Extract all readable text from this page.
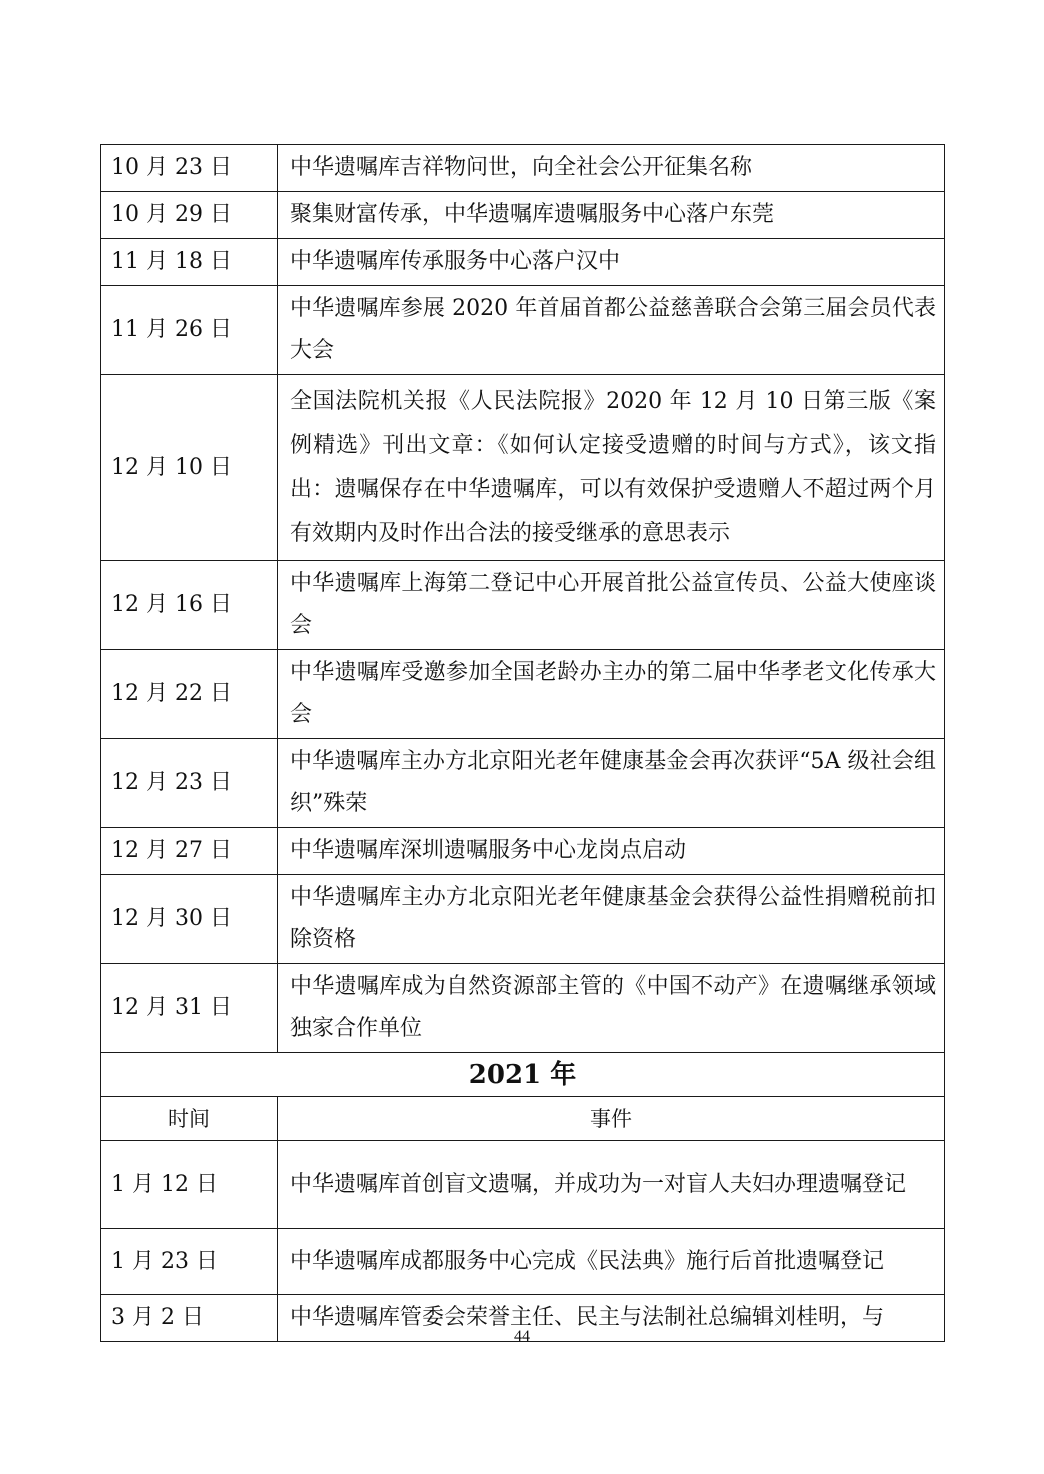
10 月 23 日	中华遗嘱库吉祥物问世，向全社会公开征集名称
10 月 29 日	聚集财富传承，中华遗嘱库遗嘱服务中心落户东莞
11 月 18 日	中华遗嘱库传承服务中心落户汉中
11 月 26 日	中华遗嘱库参展 2020 年首届首都公益慈善联合会第三届会员代表大会
12 月 10 日	全国法院机关报《人民法院报》2020 年 12 月 10 日第三版《案例精选》刊出文章：《如何认定接受遗赠的时间与方式》，该文指出：遗嘱保存在中华遗嘱库，可以有效保护受遗赠人不超过两个月有效期内及时作出合法的接受继承的意思表示
12 月 16 日	中华遗嘱库上海第二登记中心开展首批公益宣传员、公益大使座谈会
12 月 22 日	中华遗嘱库受邀参加全国老龄办主办的第二届中华孝老文化传承大会
12 月 23 日	中华遗嘱库主办方北京阳光老年健康基金会再次获评“5A 级社会组织”殊荣
12 月 27 日	中华遗嘱库深圳遗嘱服务中心龙岗点启动
12 月 30 日	中华遗嘱库主办方北京阳光老年健康基金会获得公益性捐赠税前扣除资格
12 月 31 日	中华遗嘱库成为自然资源部主管的《中国不动产》在遗嘱继承领域独家合作单位
2021 年	
时间	事件
1 月 12 日	中华遗嘱库首创盲文遗嘱，并成功为一对盲人夫妇办理遗嘱登记
1 月 23 日	中华遗嘱库成都服务中心完成《民法典》施行后首批遗嘱登记
3 月 2 日	中华遗嘱库管委会荣誉主任、民主与法制社总编辑刘桂明，与
44
